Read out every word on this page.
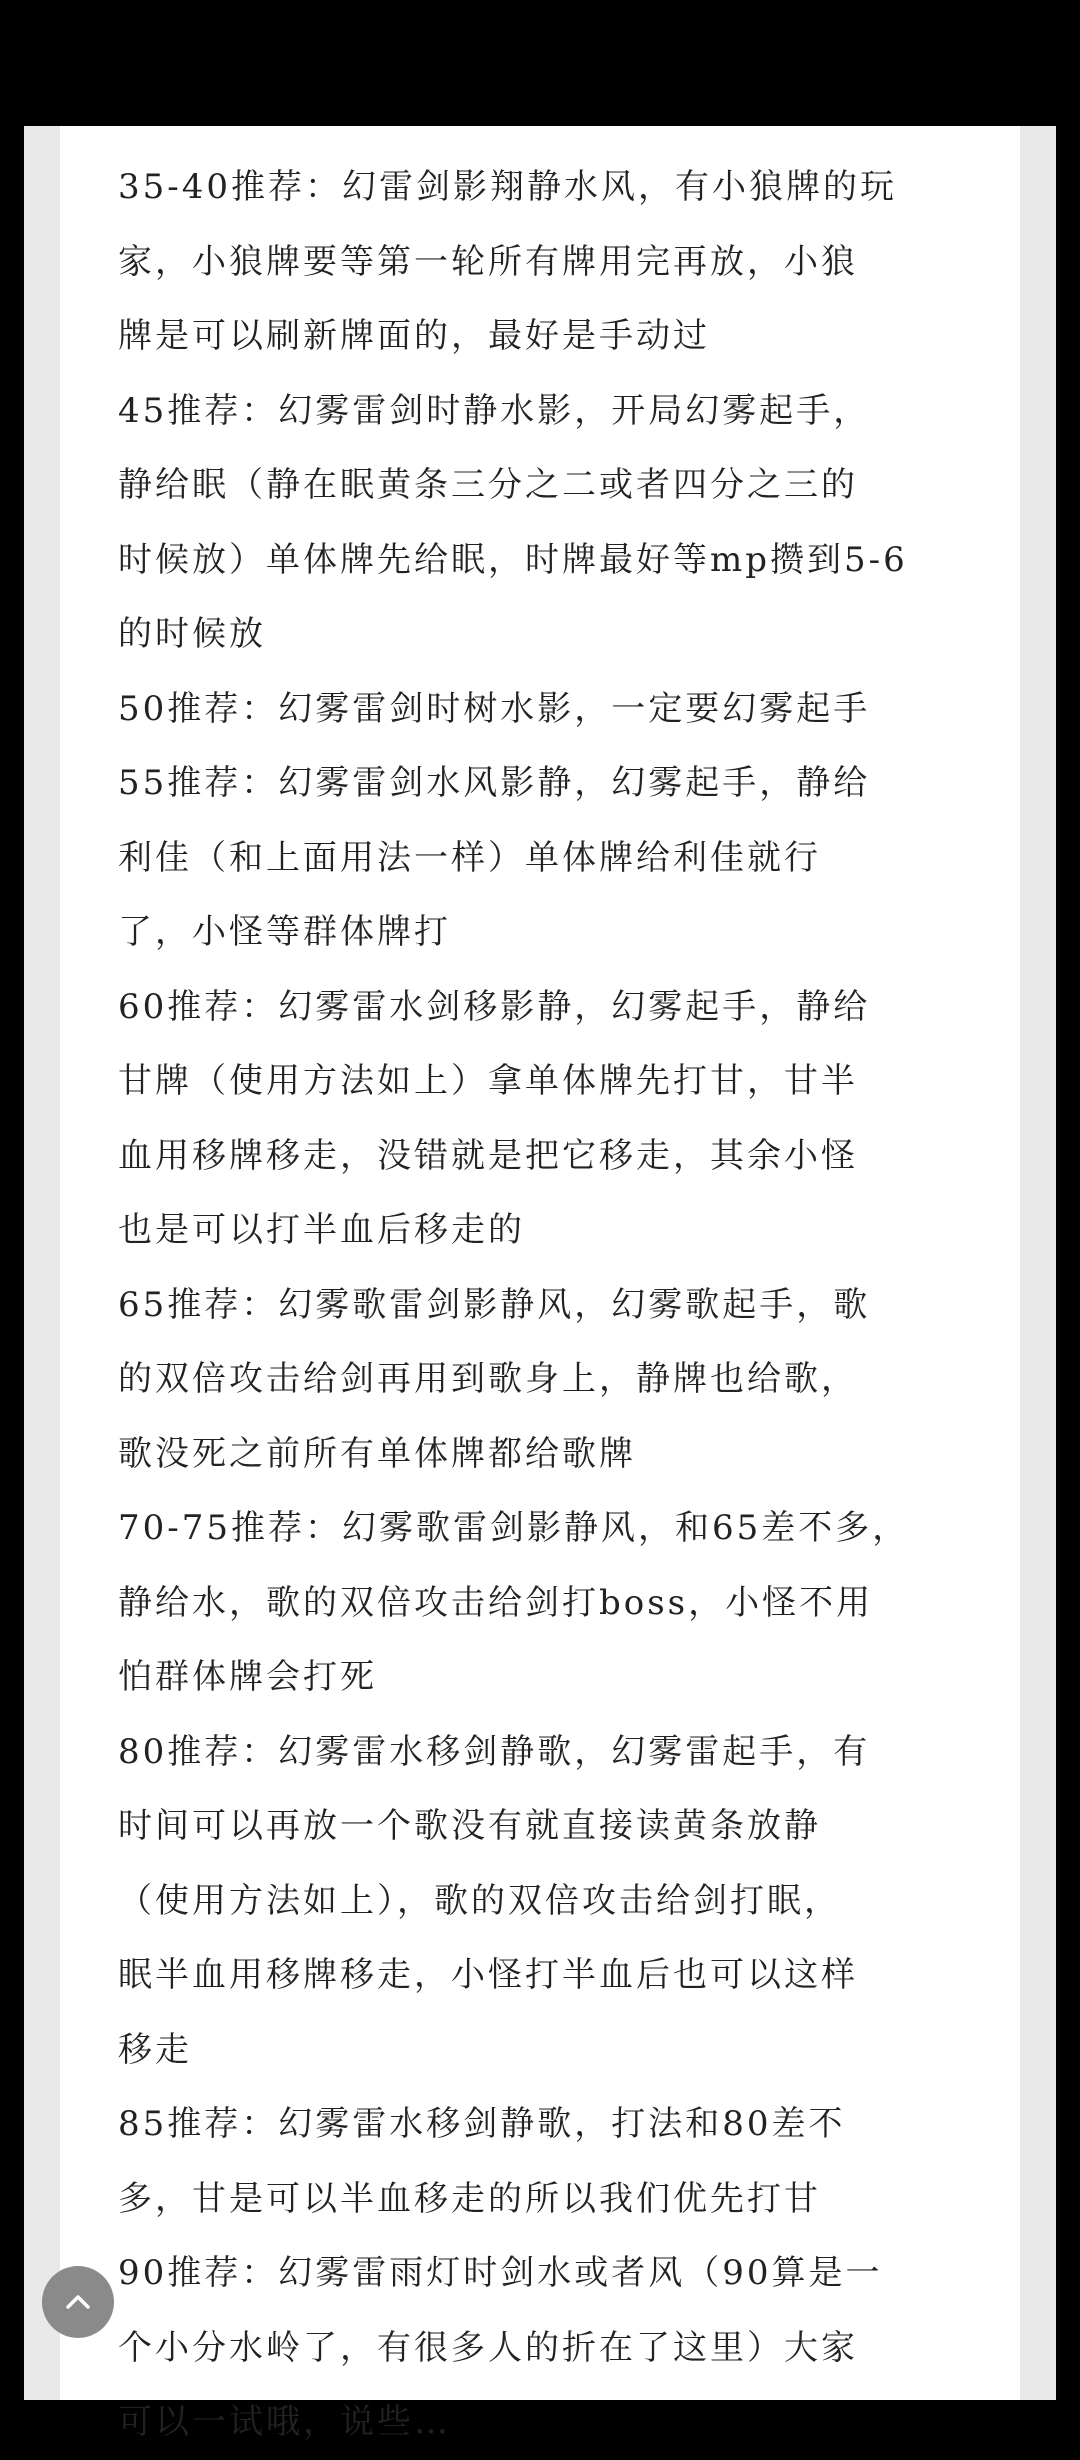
35-40推荐：幻雷剑影翔静水风，有小狼牌的玩
家，小狼牌要等第一轮所有牌用完再放，小狼
牌是可以刷新牌面的，最好是手动过
45推荐：幻雾雷剑时静水影，开局幻雾起手，
静给眠（静在眠黄条三分之二或者四分之三的
时候放）单体牌先给眠，时牌最好等mp攒到5-6
的时候放
50推荐：幻雾雷剑时树水影，一定要幻雾起手
55推荐：幻雾雷剑水风影静，幻雾起手，静给
利佳（和上面用法一样）单体牌给利佳就行
了，小怪等群体牌打
60推荐：幻雾雷水剑移影静，幻雾起手，静给
甘牌（使用方法如上）拿单体牌先打甘，甘半
血用移牌移走，没错就是把它移走，其余小怪
也是可以打半血后移走的
65推荐：幻雾歌雷剑影静风，幻雾歌起手，歌
的双倍攻击给剑再用到歌身上，静牌也给歌，
歌没死之前所有单体牌都给歌牌
70-75推荐：幻雾歌雷剑影静风，和65差不多，
静给水，歌的双倍攻击给剑打boss，小怪不用
怕群体牌会打死
80推荐：幻雾雷水移剑静歌，幻雾雷起手，有
时间可以再放一个歌没有就直接读黄条放静
（使用方法如上），歌的双倍攻击给剑打眠，
眠半血用移牌移走，小怪打半血后也可以这样
移走
85推荐：幻雾雷水移剑静歌，打法和80差不
多，甘是可以半血移走的所以我们优先打甘
90推荐：幻雾雷雨灯时剑水或者风（90算是一
个小分水岭了，有很多人的折在了这里）大家
可以一试哦，说些…
